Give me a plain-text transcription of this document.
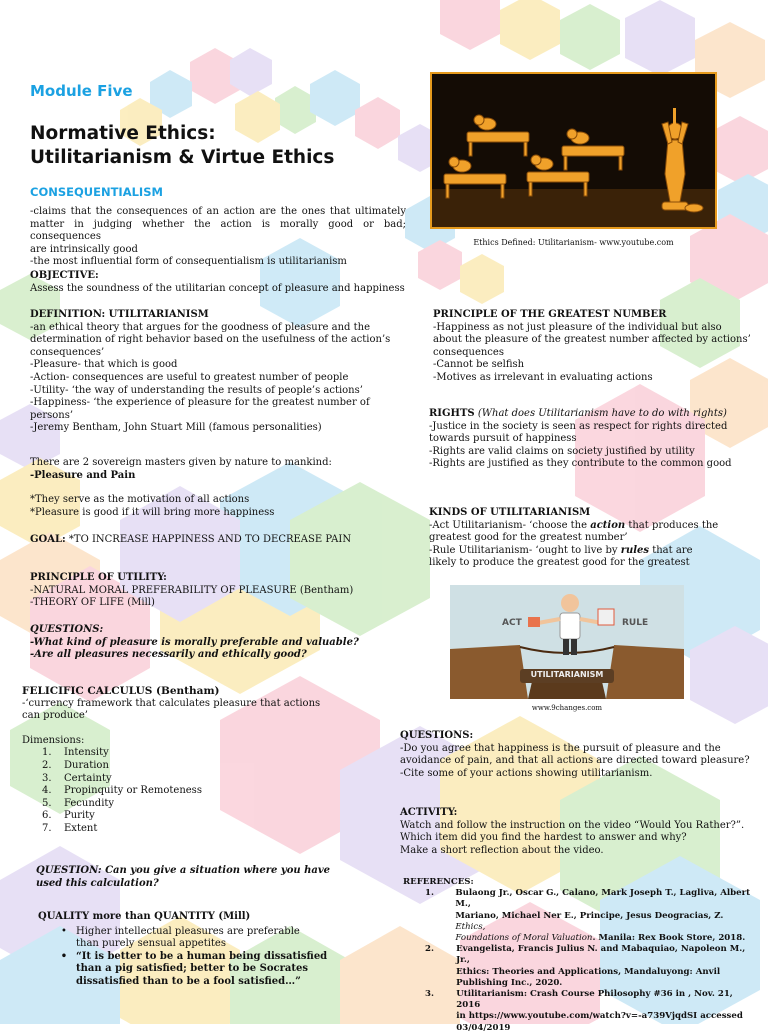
Module Five
Normative Ethics:
Utilitarianism & Virtue Ethics
CONSEQUENTIALISM

-claims that the consequences of an action are the ones that ultimately

matter in judging whether the action is morally good or bad; consequences

are intrinsically good

-the most influential form of consequentialism is utilitarianism

OBJECTIVE:

Assess the soundness of the utilitarian concept of pleasure and happiness

DEFINITION: UTILITARIANISM

-an ethical theory that argues for the goodness of pleasure and the

determination of right behavior based on the usefulness of the action’s

consequences’

-Pleasure- that which is good

-Action- consequences are useful to greatest number of people

-Utility- ‘the way of understanding the results of people’s actions’

-Happiness- ‘the experience of pleasure for the greatest number of

persons’

-Jeremy Bentham, John Stuart Mill (famous personalities)

There are 2 sovereign masters given by nature to mankind:

-Pleasure and Pain

*They serve as the motivation of all actions

*Pleasure is good if it will bring more happiness

GOAL: *TO INCREASE HAPPINESS AND TO DECREASE PAIN

PRINCIPLE OF UTILITY:

-NATURAL MORAL PREFERABILITY OF PLEASURE (Bentham)

-THEORY OF LIFE (Mill)

QUESTIONS:

-What kind of pleasure is morally preferable and valuable?

-Are all pleasures necessarily and ethically good?

FELICIFIC CALCULUS (Bentham)

-‘currency framework that calculates pleasure that actions

can produce’

Dimensions:

1.	Intensity
2.	Duration
3.	Certainty
4.	Propinquity or Remoteness
5.	Fecundity
6.	Purity
7.	Extent

QUESTION: Can you give a situation where you have

used this calculation?

QUALITY more than QUANTITY (Mill)

• Higher intellectual pleasures are preferable
than purely sensual appetites
• “It is better to be a human being dissatisfied
than a pig satisfied; better to be Socrates
dissatisfied than to be a fool satisfied…”
Ethics Defined: Utilitarianism- www.youtube.com

PRINCIPLE OF THE GREATEST NUMBER

-Happiness as not just pleasure of the individual but also

about the pleasure of the greatest number affected by actions’

consequences

-Cannot be selfish

-Motives as irrelevant in evaluating actions

RIGHTS (What does Utilitarianism have to do with rights)

-Justice in the society is seen as respect for rights directed

towards pursuit of happiness

-Rights are valid claims on society justified by utility

-Rights are justified as they contribute to the common good

KINDS OF UTILITARIANISM

-Act Utilitarianism- ‘choose the action that produces the

greatest good for the greatest number’

-Rule Utilitarianism- ‘ought to live by rules that are

likely to produce the greatest good for the greatest

ACT	RULE
UTILITARIANISM
www.9changes.com

QUESTIONS:

-Do you agree that happiness is the pursuit of pleasure and the

avoidance of pain, and that all actions are directed toward pleasure?

-Cite some of your actions showing utilitarianism.

ACTIVITY:

Watch and follow the instruction on the video “Would You Rather?”.

Which item did you find the hardest to answer and why?

Make a short reflection about the video.

REFERENCES:

1.	Bulaong Jr., Oscar G., Calano, Mark Joseph T., Lagliva, Albert M.,
Mariano, Michael Ner E., Principe, Jesus Deogracias, Z. Ethics,
Foundations of Moral Valuation. Manila: Rex Book Store, 2018.
2.	Evangelista, Francis Julius N. and Mabaquiao, Napoleon M., Jr.,
Ethics: Theories and Applications, Mandaluyong: Anvil
Publishing Inc., 2020.
3.	Utilitarianism: Crash Course Philosophy #36 in , Nov. 21, 2016
in https://www.youtube.com/watch?v=-a739VjqdSI accessed
03/04/2019
